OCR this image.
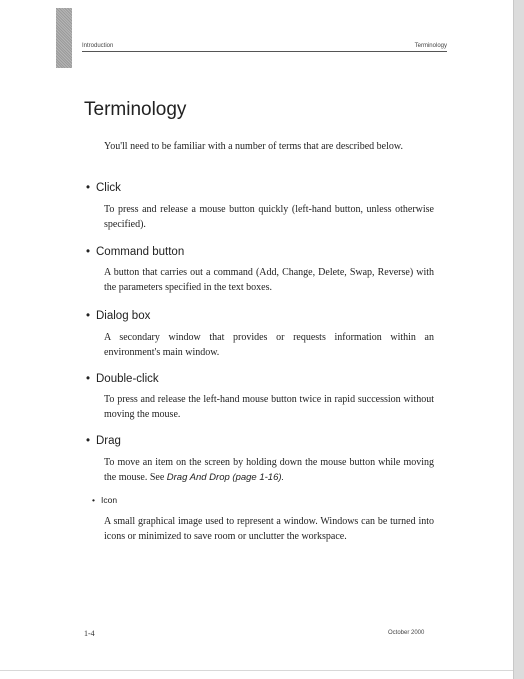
Introduction	Terminology
Terminology

You'll need to be familiar with a number of terms that are described below.

• Click

To press and release a mouse button quickly (left-hand button, unless otherwise specified).

• Command button

A button that carries out a command (Add, Change, Delete, Swap, Reverse) with the parameters specified in the text boxes.

• Dialog box

A secondary window that provides or requests information within an environment's main window.

• Double-click

To press and release the left-hand mouse button twice in rapid succession without moving the mouse.

• Drag

To move an item on the screen by holding down the mouse button while moving the mouse. See Drag And Drop (page 1-16).

• Icon

A small graphical image used to represent a window. Windows can be turned into icons or minimized to save room or unclutter the workspace.

1-4	October 2000
